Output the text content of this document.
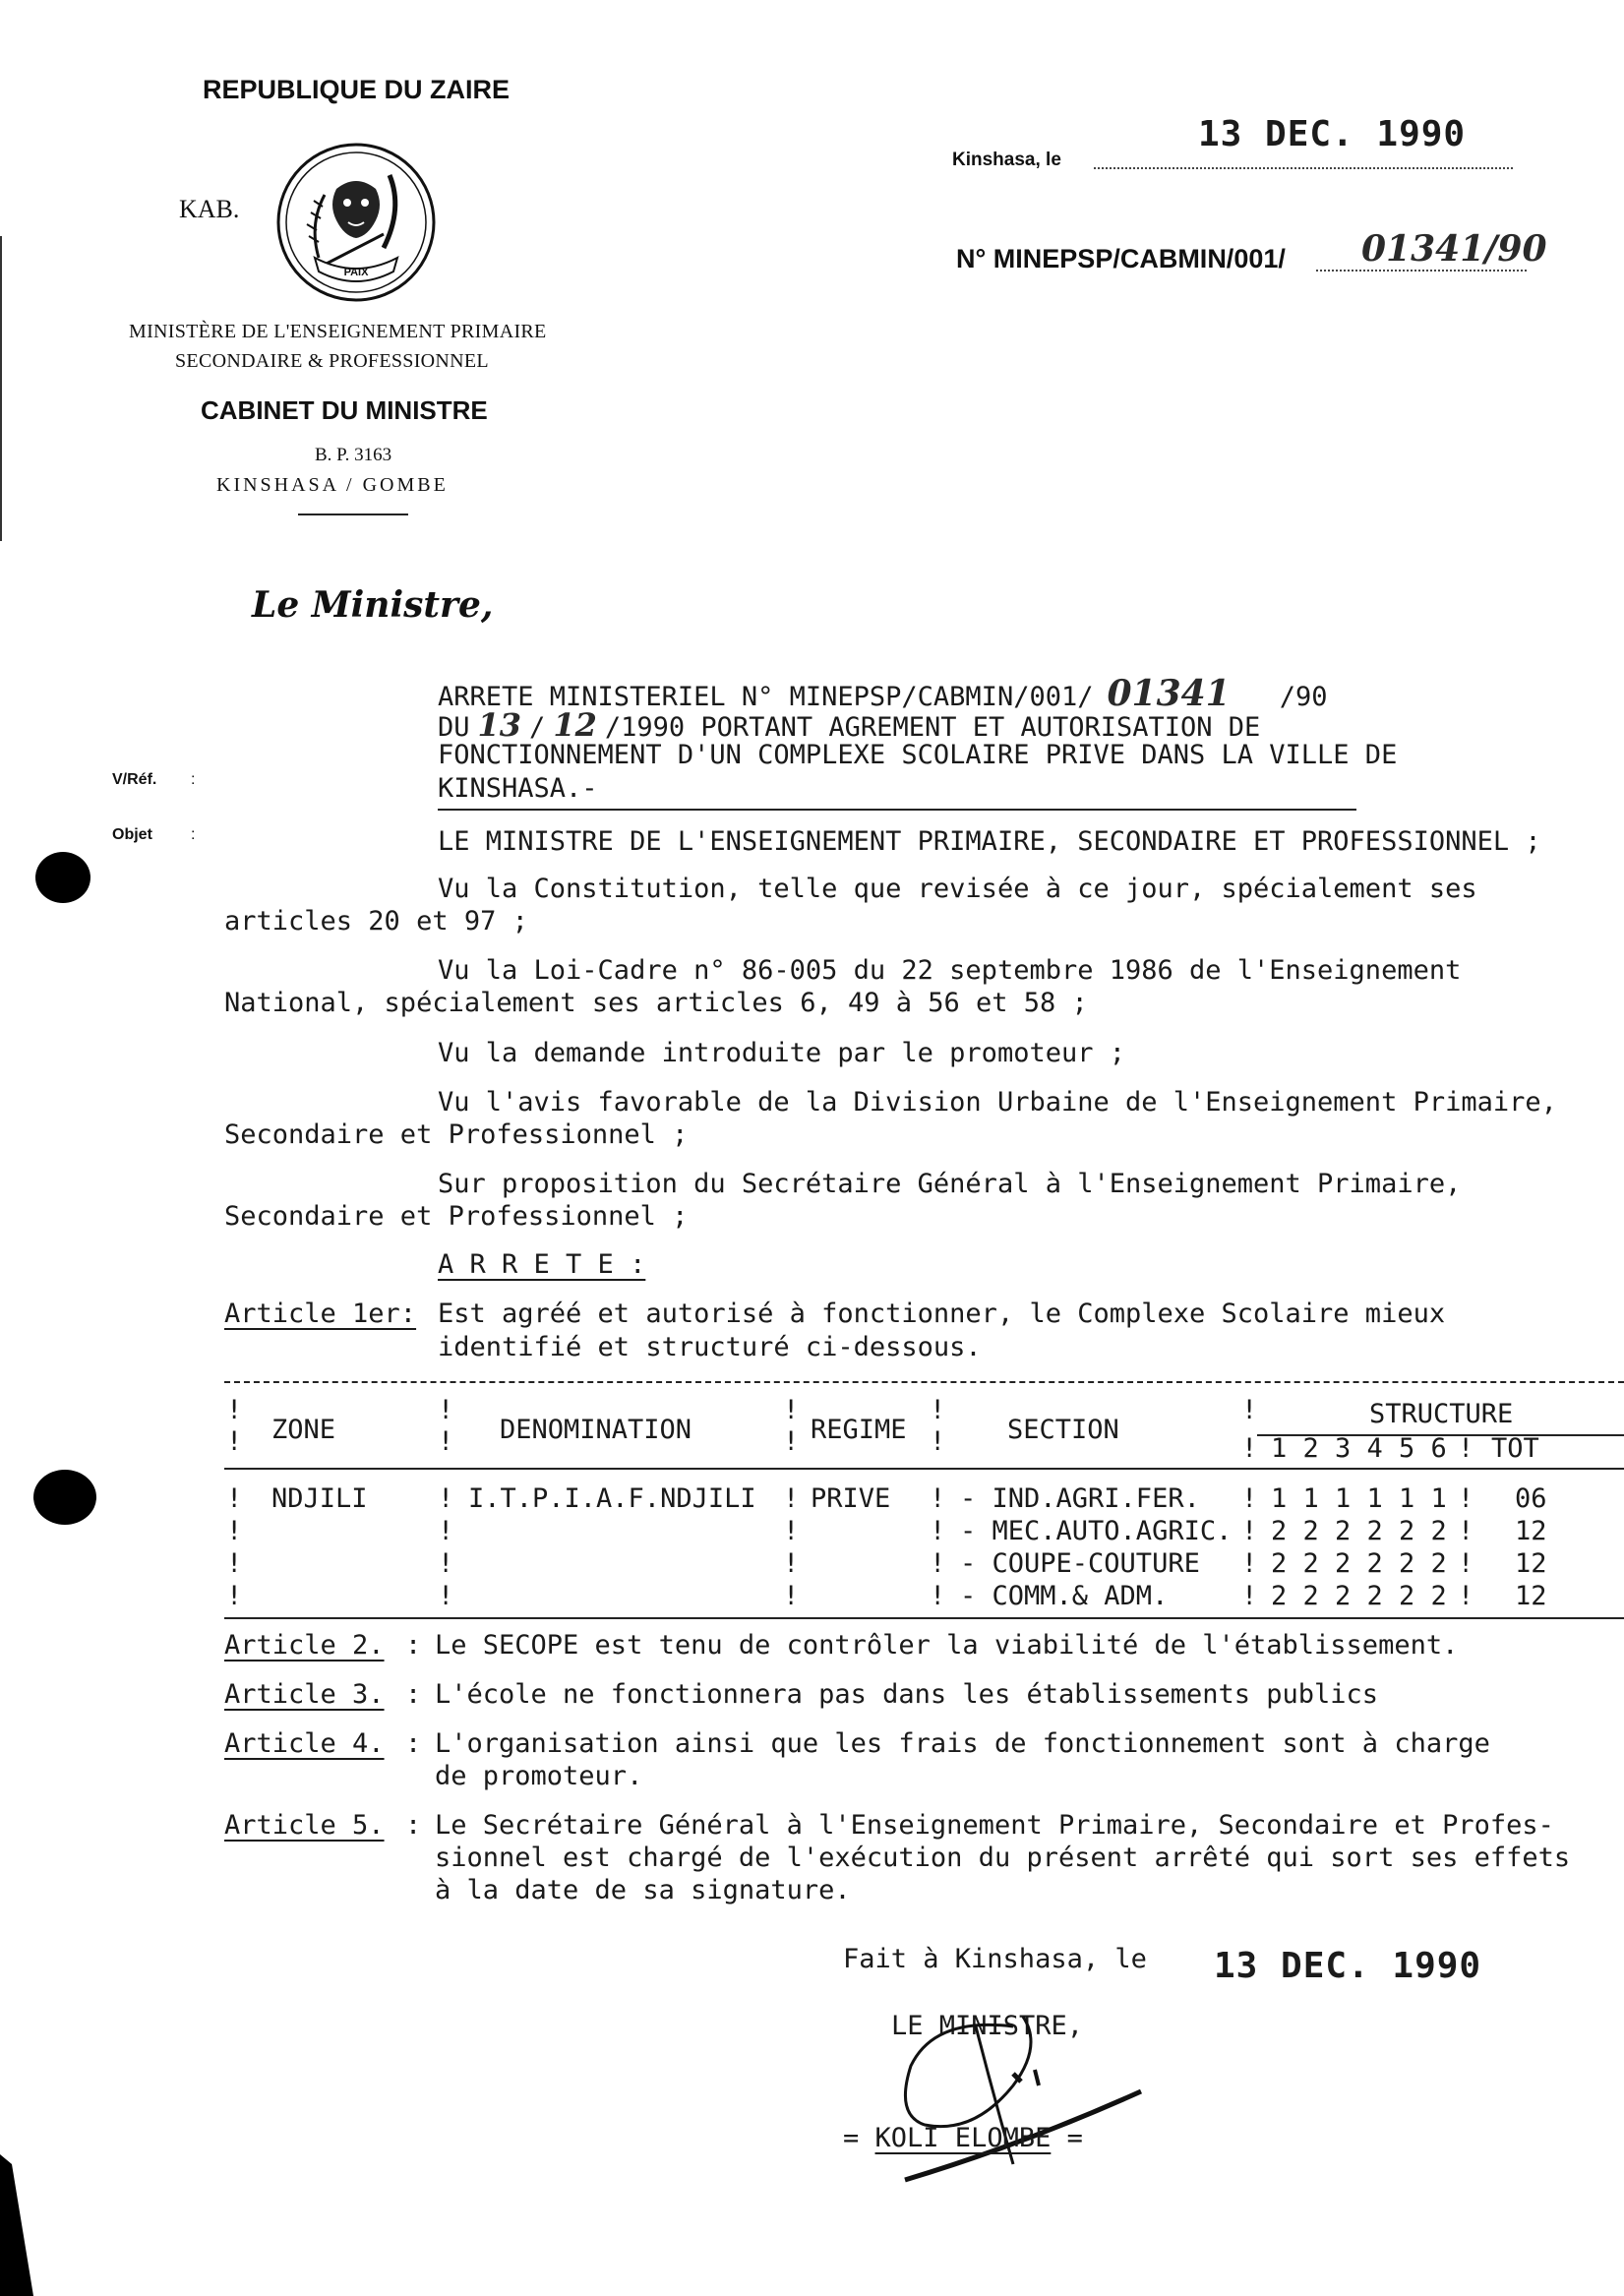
REPUBLIQUE DU ZAIRE
KAB.
PAIX
MINISTÈRE DE L'ENSEIGNEMENT PRIMAIRE
SECONDAIRE & PROFESSIONNEL
CABINET DU MINISTRE
B. P. 3163
KINSHASA / GOMBE
Kinshasa, le
13 DEC. 1990
N° MINEPSP/CABMIN/001/ 01341/90
Le Ministre,
V/Réf. :
Objet :
ARRETE MINISTERIEL N° MINEPSP/CABMIN/001/ 01341 /90
DU 13 / 12 /1990 PORTANT AGREMENT ET AUTORISATION DE
FONCTIONNEMENT D'UN COMPLEXE SCOLAIRE PRIVE DANS LA VILLE DE
KINSHASA.-
LE MINISTRE DE L'ENSEIGNEMENT PRIMAIRE, SECONDAIRE ET PROFESSIONNEL ;
Vu la Constitution, telle que revisée à ce jour, spécialement ses
articles 20 et 97 ;
Vu la Loi-Cadre n° 86-005 du 22 septembre 1986 de l'Enseignement
National, spécialement ses articles 6, 49 à 56 et 58 ;
Vu la demande introduite par le promoteur ;
Vu l'avis favorable de la Division Urbaine de l'Enseignement Primaire,
Secondaire et Professionnel ;
Sur proposition du Secrétaire Général à l'Enseignement Primaire,
Secondaire et Professionnel ;
A R R E T E :
Article 1er: Est agréé et autorisé à fonctionner, le Complexe Scolaire mieux
identifié et structuré ci-dessous.
!
! ZONE
!
! DENOMINATION
!
! REGIME
!
! SECTION
!	STRUCTURE
! 1 2 3 4 5 6 ! TOT
!
!
!
!
NDJILI	!
!
!
!
I.T.P.I.A.F.NDJILI !
!
!
!
PRIVE !
!
!
!
- IND.AGRI.FER.
- MEC.AUTO.AGRIC.
- COUPE-COUTURE
- COMM.& ADM.
!
!
!
!
1 1 1 1 1 1
2 2 2 2 2 2
2 2 2 2 2 2
2 2 2 2 2 2
!
!
!
!
06
12
12
12
Article 2. : Le SECOPE est tenu de contrôler la viabilité de l'établissement.
Article 3. : L'école ne fonctionnera pas dans les établissements publics
Article 4. : L'organisation ainsi que les frais de fonctionnement sont à charge
de promoteur.
Article 5. : Le Secrétaire Général à l'Enseignement Primaire, Secondaire et Profes-
sionnel est chargé de l'exécution du présent arrêté qui sort ses effets
à la date de sa signature.
Fait à Kinshasa, le 13 DEC. 1990
LE MINISTRE,
= KOLI ELOMBE =
